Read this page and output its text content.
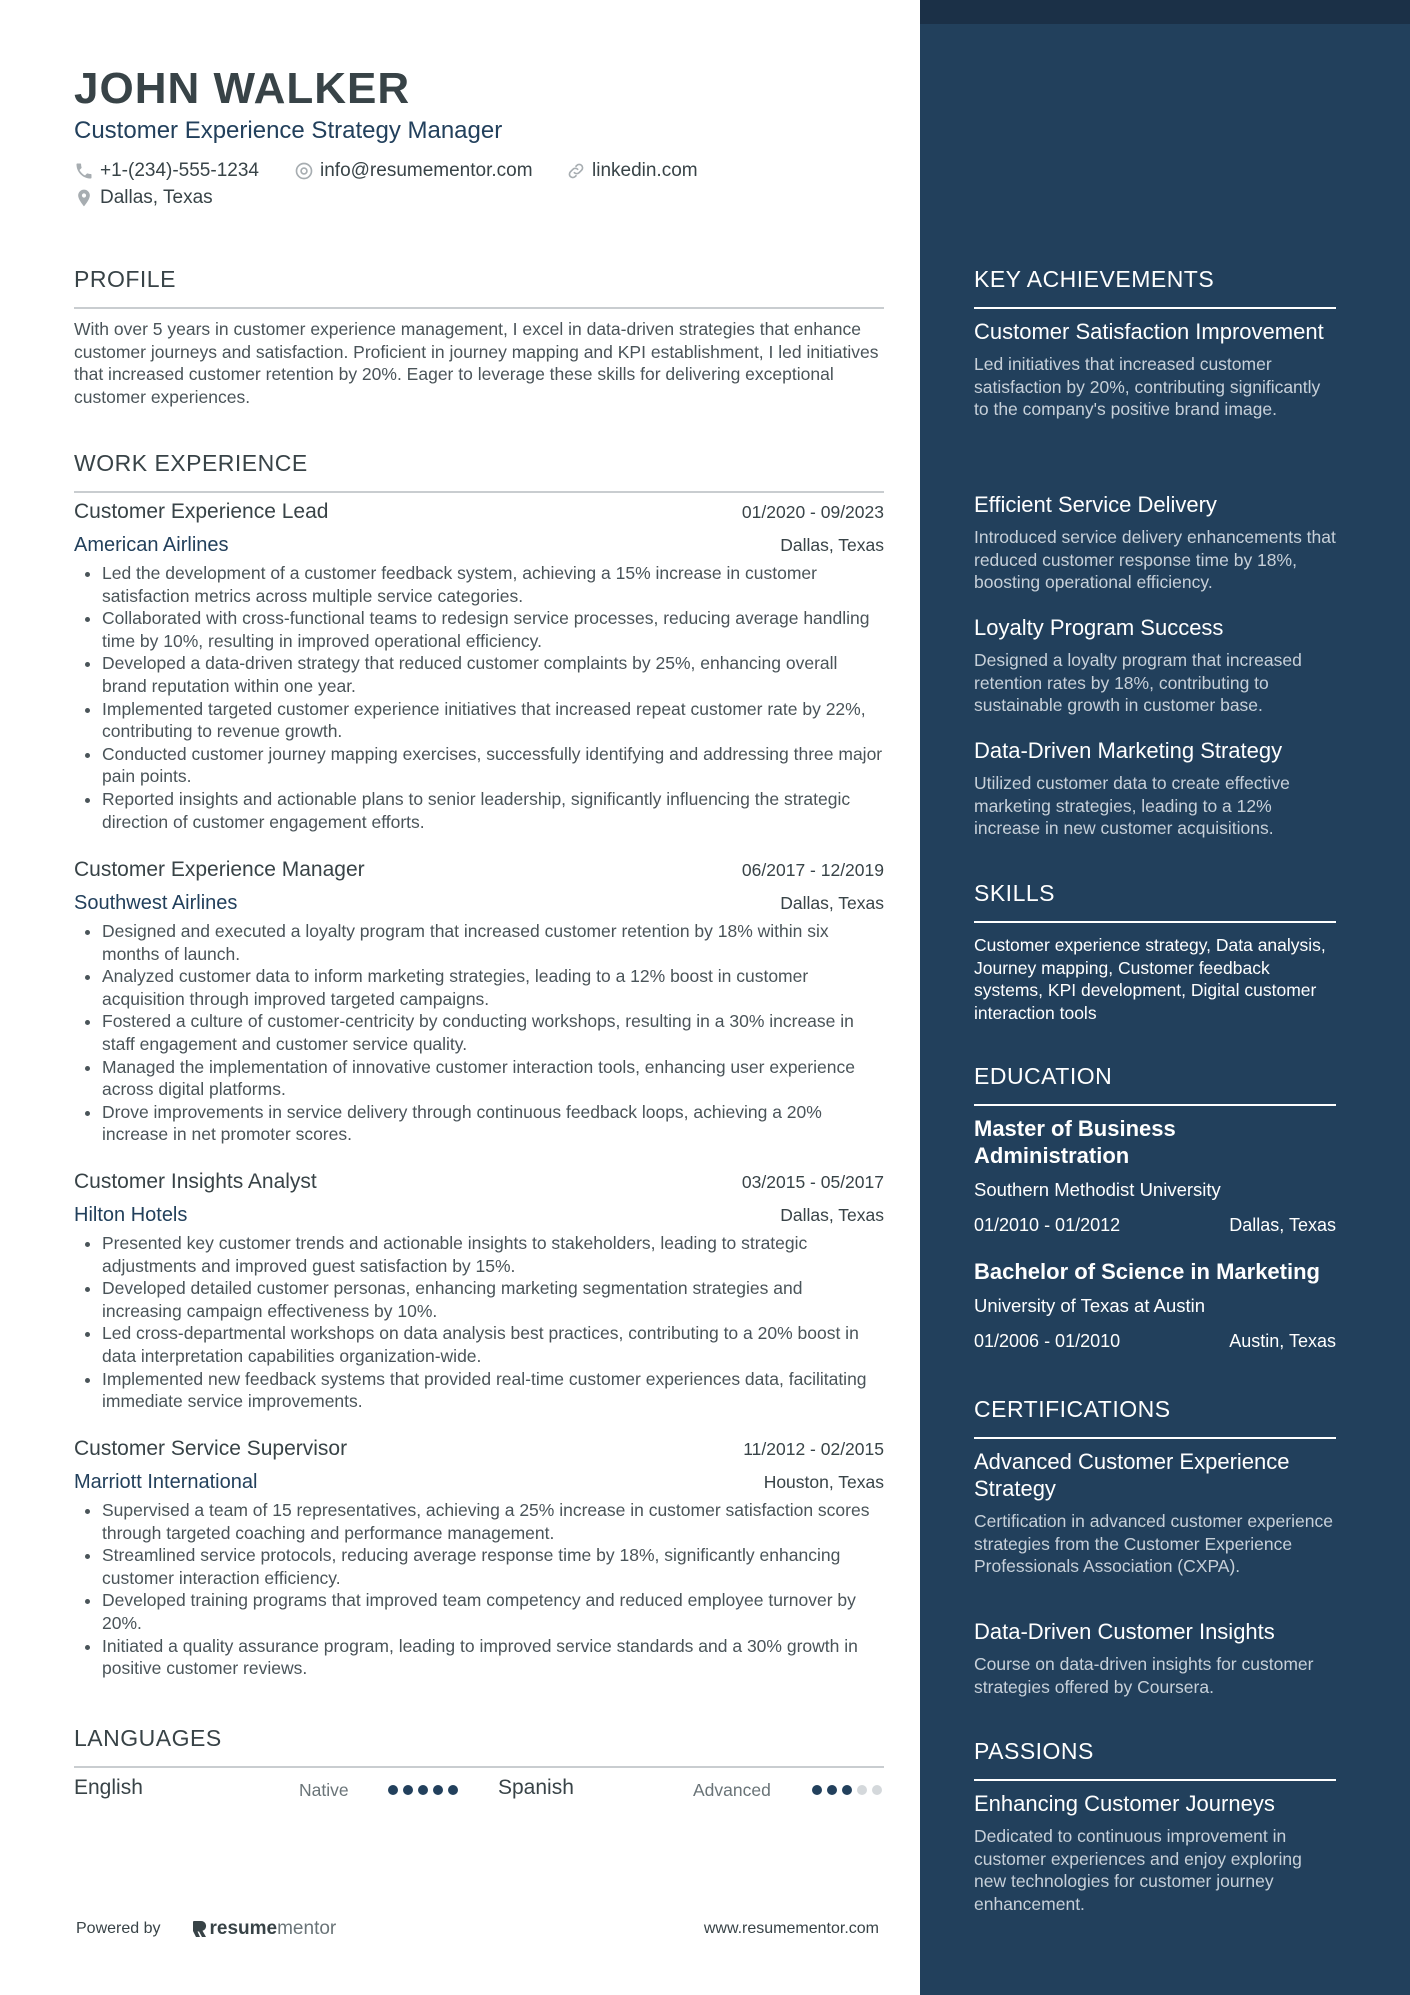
JOHN WALKER
Customer Experience Strategy Manager
+1-(234)-555-1234	info@resumementor.com	linkedin.com
Dallas, Texas
PROFILE
With over 5 years in customer experience management, I excel in data-driven strategies that enhance customer journeys and satisfaction. Proficient in journey mapping and KPI establishment, I led initiatives that increased customer retention by 20%. Eager to leverage these skills for delivering exceptional customer experiences.
WORK EXPERIENCE
Customer Experience Lead	01/2020 - 09/2023
American Airlines	Dallas, Texas
• Led the development of a customer feedback system, achieving a 15% increase in customer satisfaction metrics across multiple service categories.
• Collaborated with cross-functional teams to redesign service processes, reducing average handling time by 10%, resulting in improved operational efficiency.
• Developed a data-driven strategy that reduced customer complaints by 25%, enhancing overall brand reputation within one year.
• Implemented targeted customer experience initiatives that increased repeat customer rate by 22%, contributing to revenue growth.
• Conducted customer journey mapping exercises, successfully identifying and addressing three major pain points.
• Reported insights and actionable plans to senior leadership, significantly influencing the strategic direction of customer engagement efforts.
Customer Experience Manager	06/2017 - 12/2019
Southwest Airlines	Dallas, Texas
• Designed and executed a loyalty program that increased customer retention by 18% within six months of launch.
• Analyzed customer data to inform marketing strategies, leading to a 12% boost in customer acquisition through improved targeted campaigns.
• Fostered a culture of customer-centricity by conducting workshops, resulting in a 30% increase in staff engagement and customer service quality.
• Managed the implementation of innovative customer interaction tools, enhancing user experience across digital platforms.
• Drove improvements in service delivery through continuous feedback loops, achieving a 20% increase in net promoter scores.
Customer Insights Analyst	03/2015 - 05/2017
Hilton Hotels	Dallas, Texas
• Presented key customer trends and actionable insights to stakeholders, leading to strategic adjustments and improved guest satisfaction by 15%.
• Developed detailed customer personas, enhancing marketing segmentation strategies and increasing campaign effectiveness by 10%.
• Led cross-departmental workshops on data analysis best practices, contributing to a 20% boost in data interpretation capabilities organization-wide.
• Implemented new feedback systems that provided real-time customer experiences data, facilitating immediate service improvements.
Customer Service Supervisor	11/2012 - 02/2015
Marriott International	Houston, Texas
• Supervised a team of 15 representatives, achieving a 25% increase in customer satisfaction scores through targeted coaching and performance management.
• Streamlined service protocols, reducing average response time by 18%, significantly enhancing customer interaction efficiency.
• Developed training programs that improved team competency and reduced employee turnover by 20%.
• Initiated a quality assurance program, leading to improved service standards and a 30% growth in positive customer reviews.
LANGUAGES
English	Native	Spanish	Advanced
Powered by	resume mentor	www.resumementor.com
KEY ACHIEVEMENTS
Customer Satisfaction Improvement
Led initiatives that increased customer satisfaction by 20%, contributing significantly to the company's positive brand image.
Efficient Service Delivery
Introduced service delivery enhancements that reduced customer response time by 18%, boosting operational efficiency.
Loyalty Program Success
Designed a loyalty program that increased retention rates by 18%, contributing to sustainable growth in customer base.
Data-Driven Marketing Strategy
Utilized customer data to create effective marketing strategies, leading to a 12% increase in new customer acquisitions.
SKILLS
Customer experience strategy, Data analysis, Journey mapping, Customer feedback systems, KPI development, Digital customer interaction tools
EDUCATION
Master of Business Administration
Southern Methodist University
01/2010 - 01/2012	Dallas, Texas
Bachelor of Science in Marketing
University of Texas at Austin
01/2006 - 01/2010	Austin, Texas
CERTIFICATIONS
Advanced Customer Experience Strategy
Certification in advanced customer experience strategies from the Customer Experience Professionals Association (CXPA).
Data-Driven Customer Insights
Course on data-driven insights for customer strategies offered by Coursera.
PASSIONS
Enhancing Customer Journeys
Dedicated to continuous improvement in customer experiences and enjoy exploring new technologies for customer journey enhancement.
